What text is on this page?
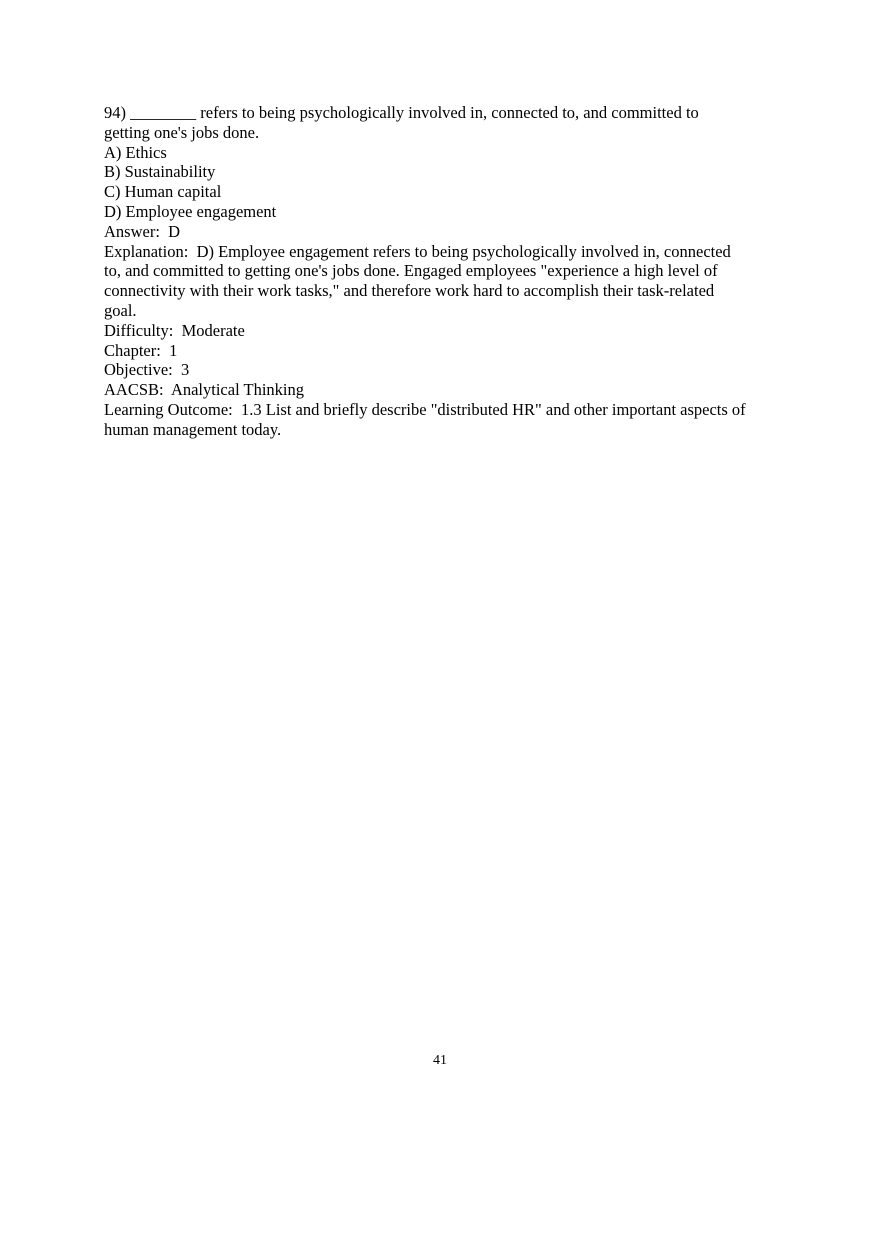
94) ________ refers to being psychologically involved in, connected to, and committed to
getting one's jobs done.
A) Ethics
B) Sustainability
C) Human capital
D) Employee engagement
Answer:  D
Explanation:  D) Employee engagement refers to being psychologically involved in, connected
to, and committed to getting one's jobs done. Engaged employees "experience a high level of
connectivity with their work tasks," and therefore work hard to accomplish their task-related
goal.
Difficulty:  Moderate
Chapter:  1
Objective:  3
AACSB:  Analytical Thinking
Learning Outcome:  1.3 List and briefly describe "distributed HR" and other important aspects of
human management today.
41
